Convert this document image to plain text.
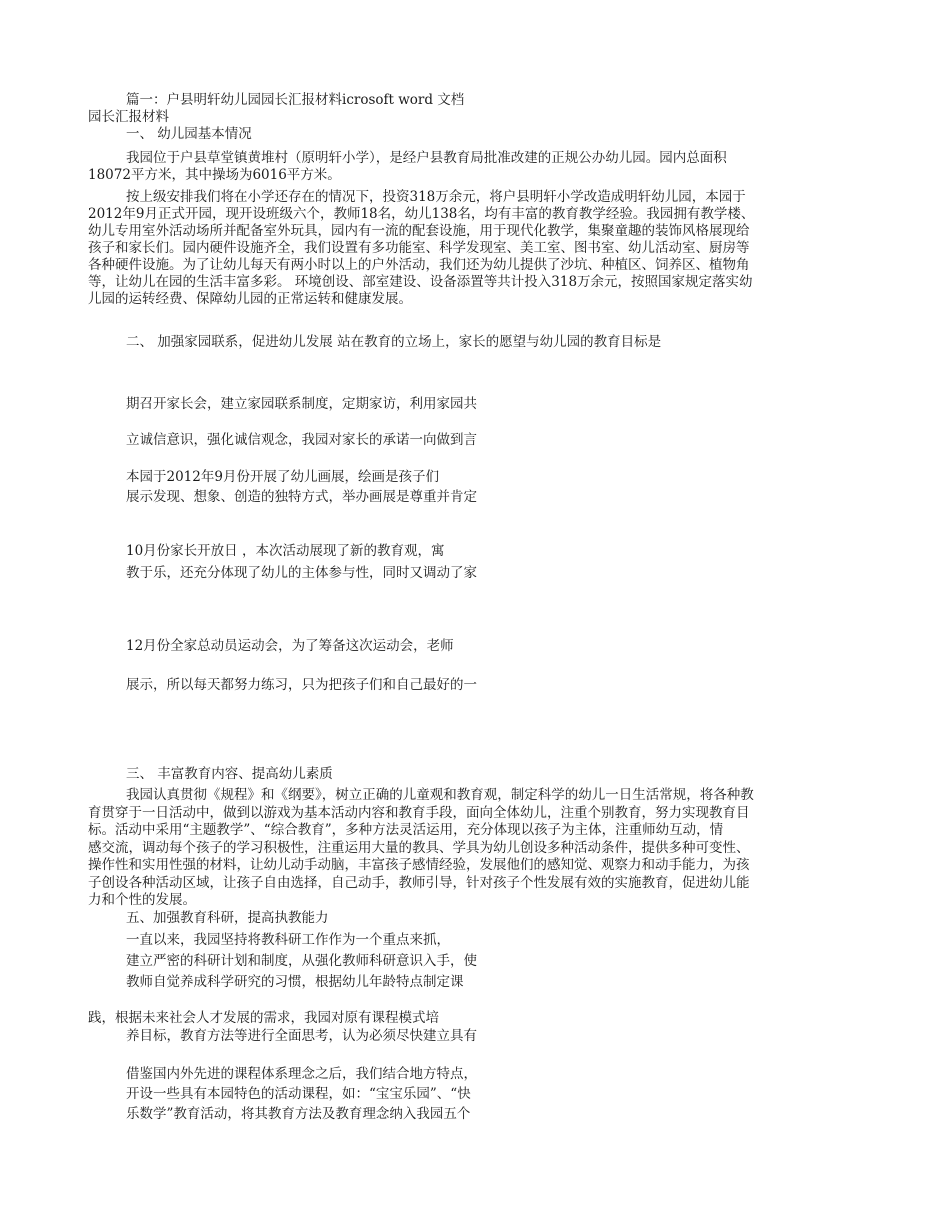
篇一：户县明轩幼儿园园长汇报材料icrosoft word 文档
园长汇报材料
一、 幼儿园基本情况
我园位于户县草堂镇黄堆村（原明轩小学），是经户县教育局批准改建的正规公办幼儿园。园内总面积
18072平方米，其中操场为6016平方米。
按上级安排我们将在小学还存在的情况下，投资318万余元，将户县明轩小学改造成明轩幼儿园，本园于
2012年9月正式开园，现开设班级六个，教师18名，幼儿138名，均有丰富的教育教学经验。我园拥有教学楼、
幼儿专用室外活动场所并配备室外玩具，园内有一流的配套设施，用于现代化教学，集聚童趣的装饰风格展现给
孩子和家长们。园内硬件设施齐全，我们设置有多功能室、科学发现室、美工室、图书室、幼儿活动室、厨房等
各种硬件设施。为了让幼儿每天有两小时以上的户外活动，我们还为幼儿提供了沙坑、种植区、饲养区、植物角
等，让幼儿在园的生活丰富多彩。 环境创设、部室建设、设备添置等共计投入318万余元，按照国家规定落实幼
儿园的运转经费、保障幼儿园的正常运转和健康发展。
二、 加强家园联系，促进幼儿发展 站在教育的立场上，家长的愿望与幼儿园的教育目标是
期召开家长会，建立家园联系制度，定期家访，利用家园共
立诚信意识，强化诚信观念，我园对家长的承诺一向做到言
本园于2012年9月份开展了幼儿画展，绘画是孩子们
展示发现、想象、创造的独特方式，举办画展是尊重并肯定
10月份家长开放日 ，本次活动展现了新的教育观，寓
教于乐，还充分体现了幼儿的主体参与性，同时又调动了家
12月份全家总动员运动会，为了筹备这次运动会，老师
展示，所以每天都努力练习，只为把孩子们和自己最好的一
三、 丰富教育内容、提高幼儿素质
我园认真贯彻《规程》和《纲要》，树立正确的儿童观和教育观，制定科学的幼儿一日生活常规，将各种教
育贯穿于一日活动中，做到以游戏为基本活动内容和教育手段，面向全体幼儿，注重个别教育，努力实现教育目
标。活动中采用“主题教学”、“综合教育”，多种方法灵活运用，充分体现以孩子为主体，注重师幼互动，情
感交流，调动每个孩子的学习积极性，注重运用大量的教具、学具为幼儿创设多种活动条件，提供多种可变性、
操作性和实用性强的材料，让幼儿动手动脑，丰富孩子感情经验，发展他们的感知觉、观察力和动手能力，为孩
子创设各种活动区域，让孩子自由选择，自己动手，教师引导，针对孩子个性发展有效的实施教育，促进幼儿能
力和个性的发展。
五、加强教育科研，提高执教能力
一直以来，我园坚持将教科研工作作为一个重点来抓，
建立严密的科研计划和制度，从强化教师科研意识入手，使
教师自觉养成科学研究的习惯，根据幼儿年龄特点制定课
践，根据未来社会人才发展的需求，我园对原有课程模式培
养目标，教育方法等进行全面思考，认为必须尽快建立具有
借鉴国内外先进的课程体系理念之后，我们结合地方特点，
开设一些具有本园特色的活动课程，如：“宝宝乐园”、“快
乐数学”教育活动，将其教育方法及教育理念纳入我园五个
